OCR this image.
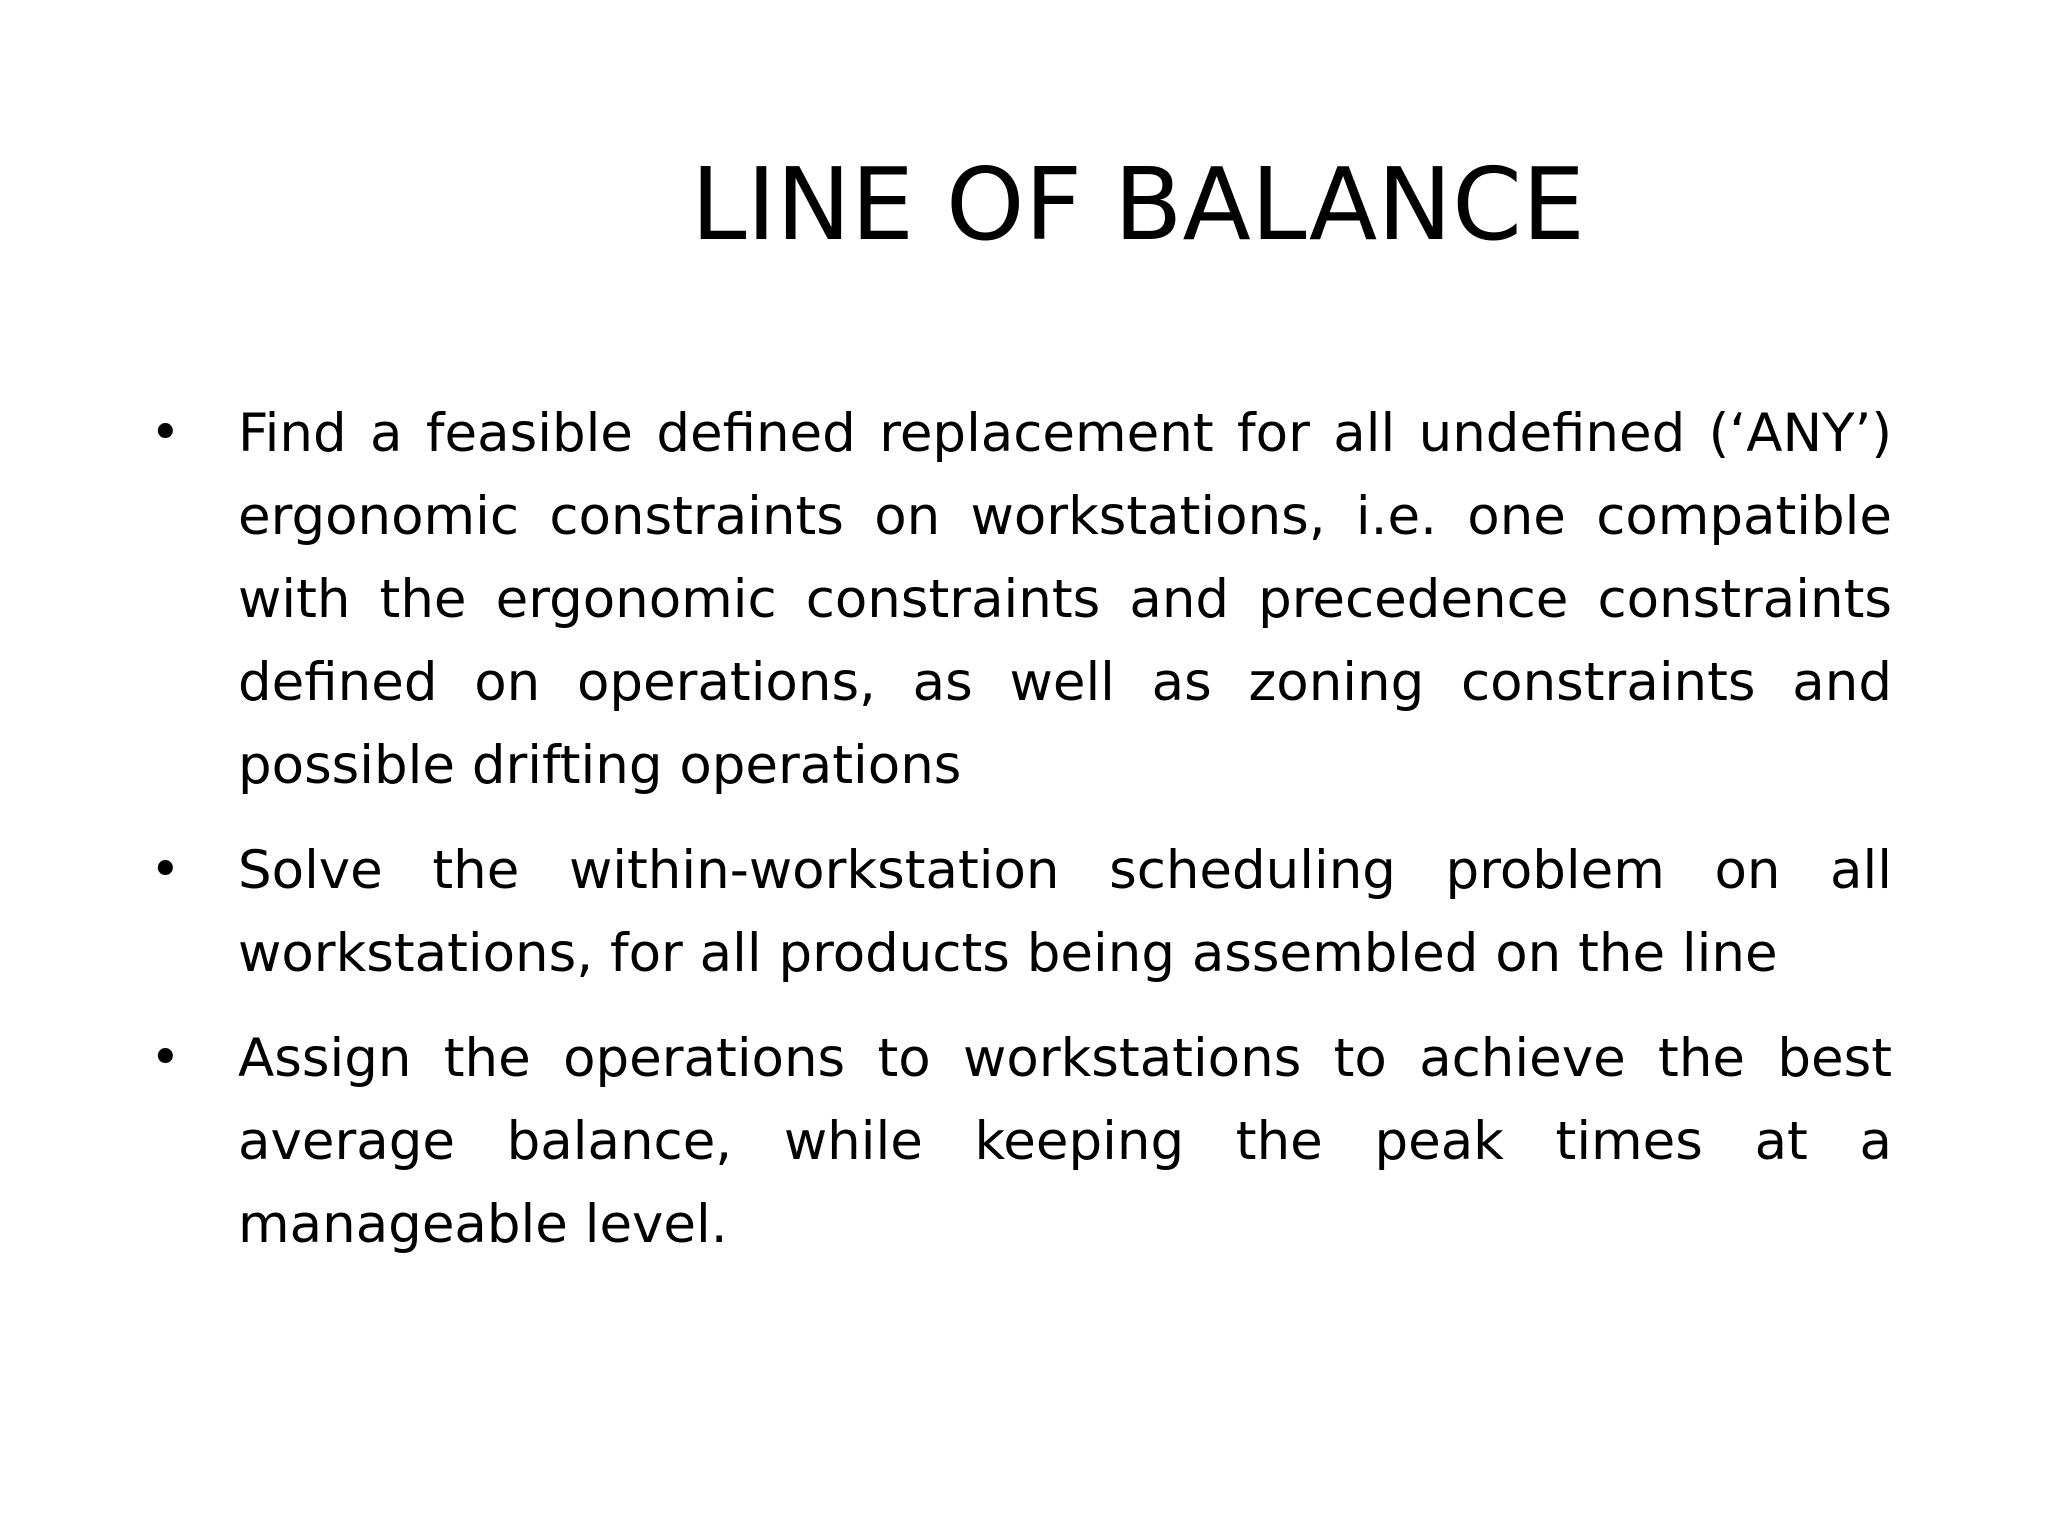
LINE OF BALANCE
• Find a feasible defined replacement for all undefined (‘ANY’) ergonomic constraints on workstations, i.e. one compatible with the ergonomic constraints and precedence constraints defined on operations, as well as zoning constraints and possible drifting operations
• Solve the within-workstation scheduling problem on all workstations, for all products being assembled on the line
• Assign the operations to workstations to achieve the best average balance, while keeping the peak times at a manageable level.
